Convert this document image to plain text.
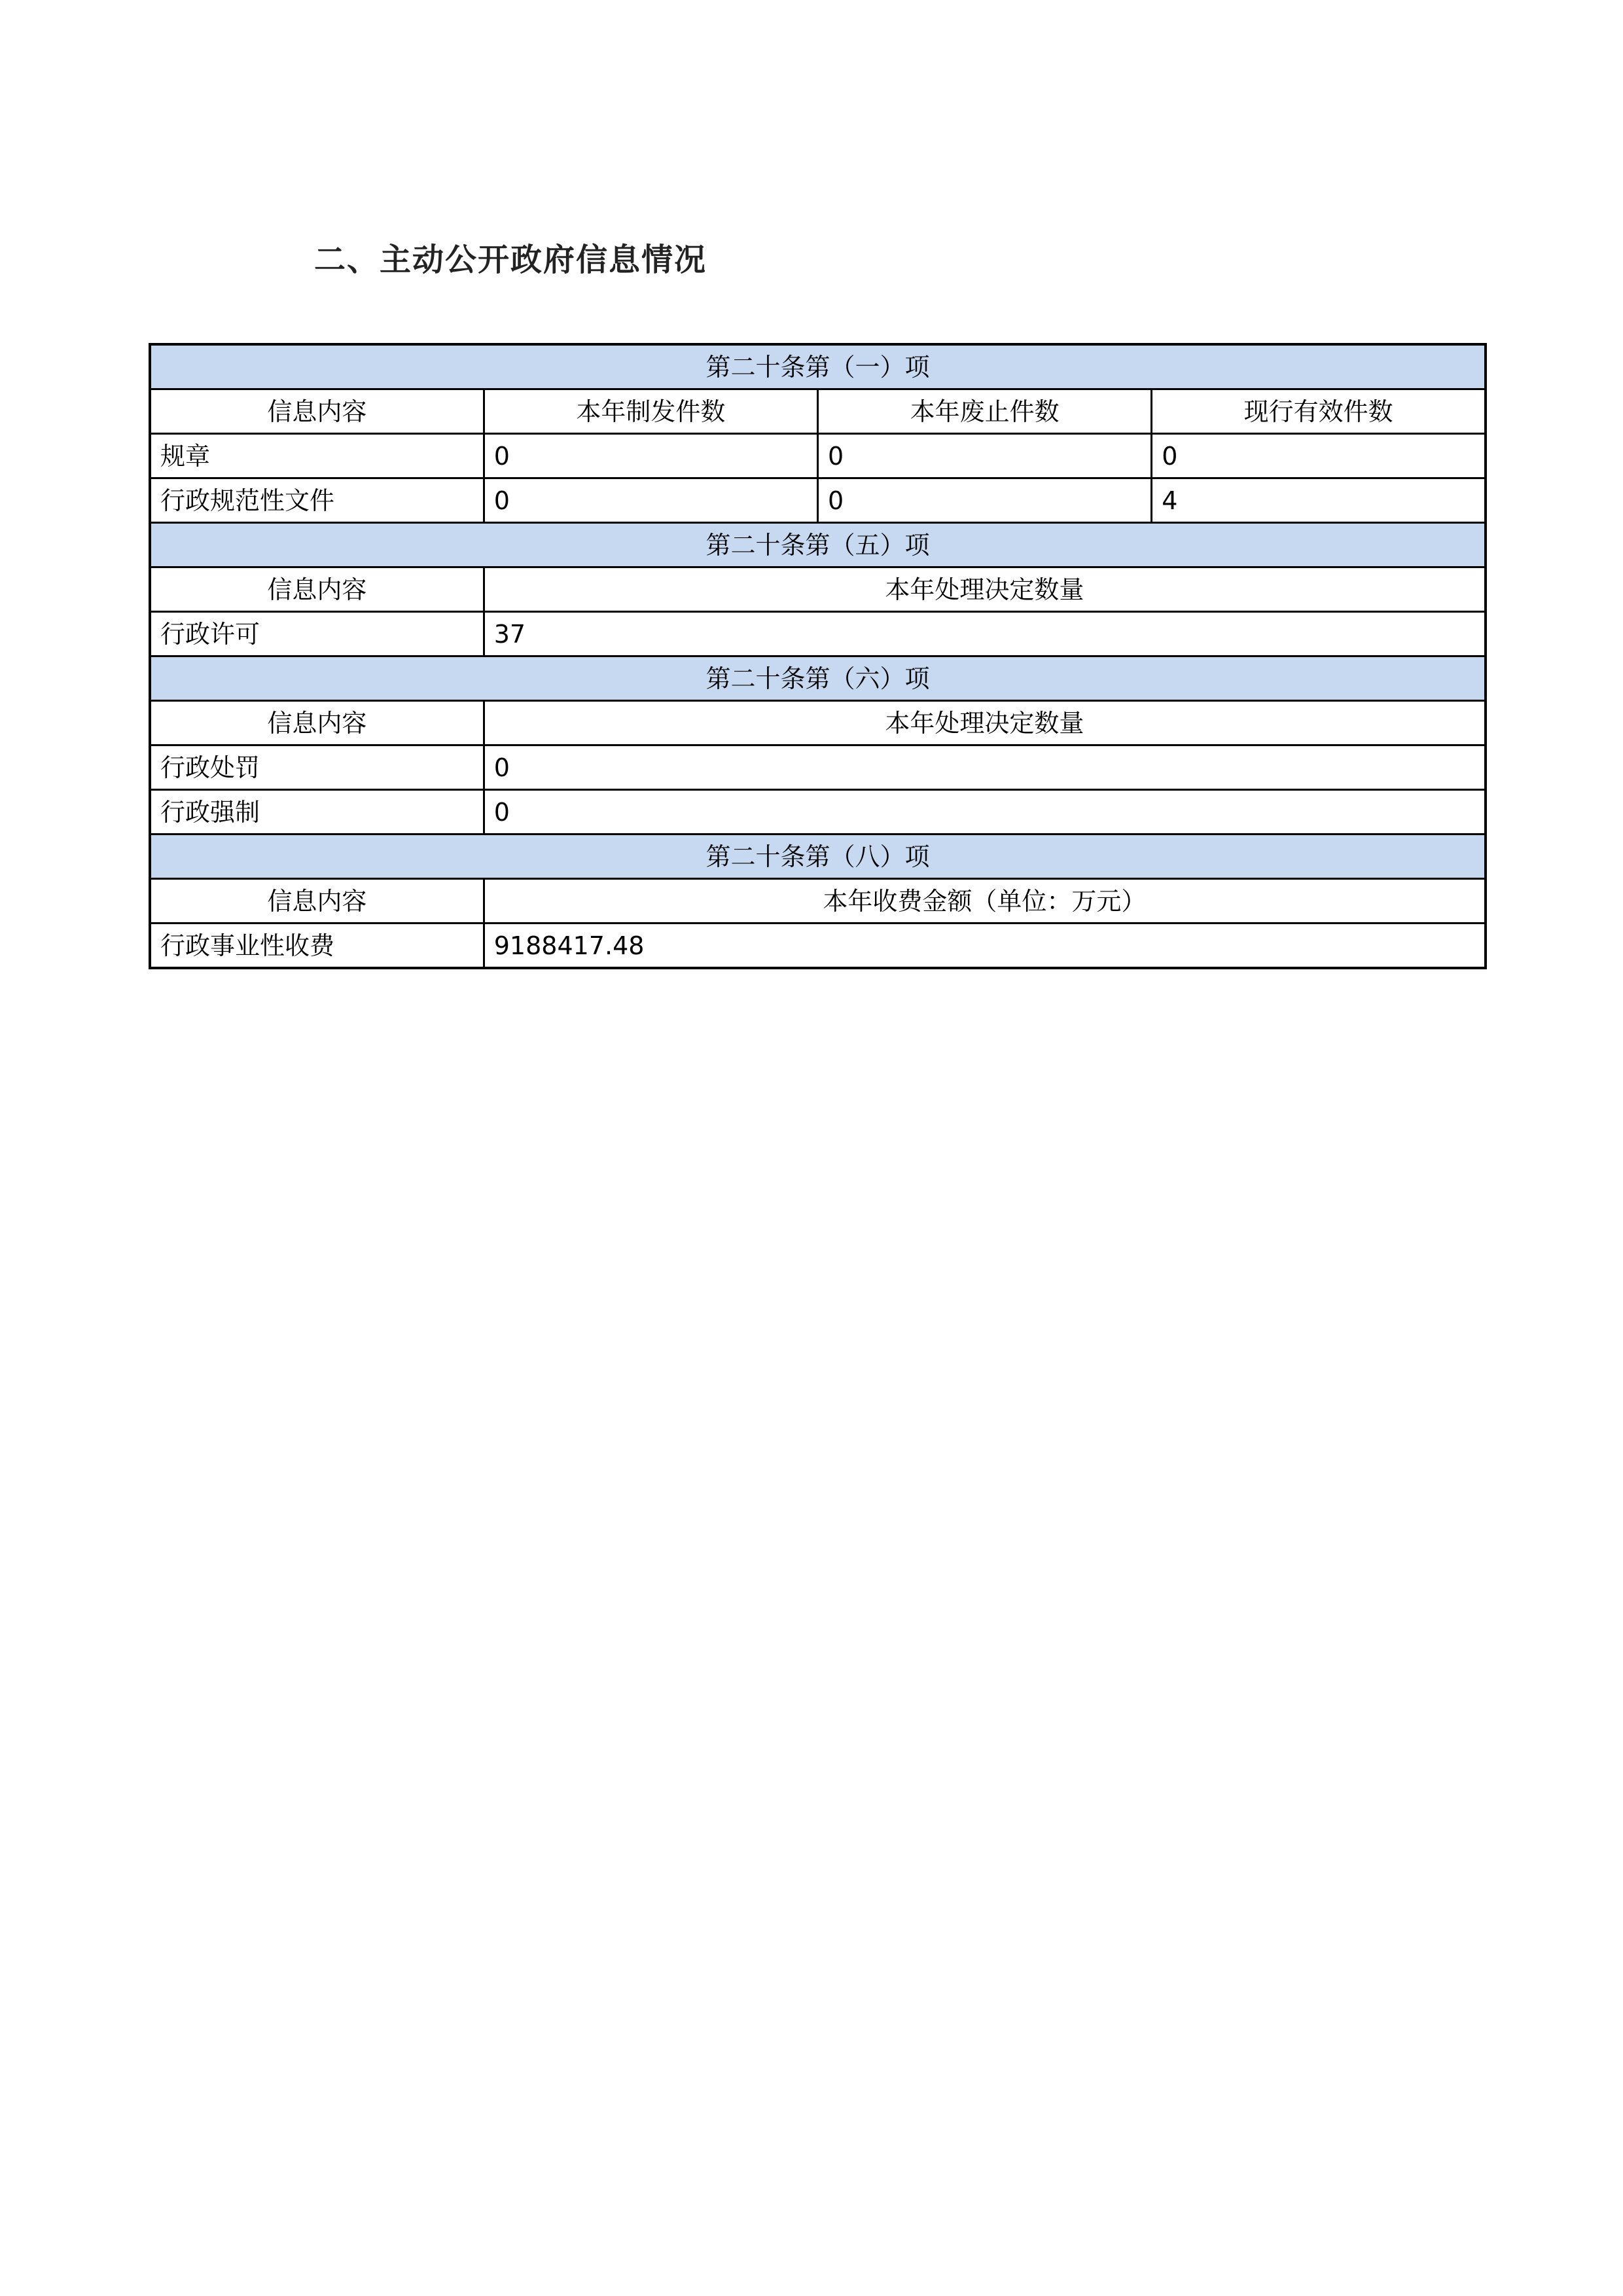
二、主动公开政府信息情况
第二十条第（一）项			
信息内容	本年制发件数	本年废止件数	现行有效件数
规章	0	0	0
行政规范性文件	0	0	4
第二十条第（五）项			
信息内容	本年处理决定数量		
行政许可	37		
第二十条第（六）项			
信息内容	本年处理决定数量		
行政处罚	0		
行政强制	0		
第二十条第（八）项			
信息内容	本年收费金额（单位：万元）		
行政事业性收费	9188417.48		
